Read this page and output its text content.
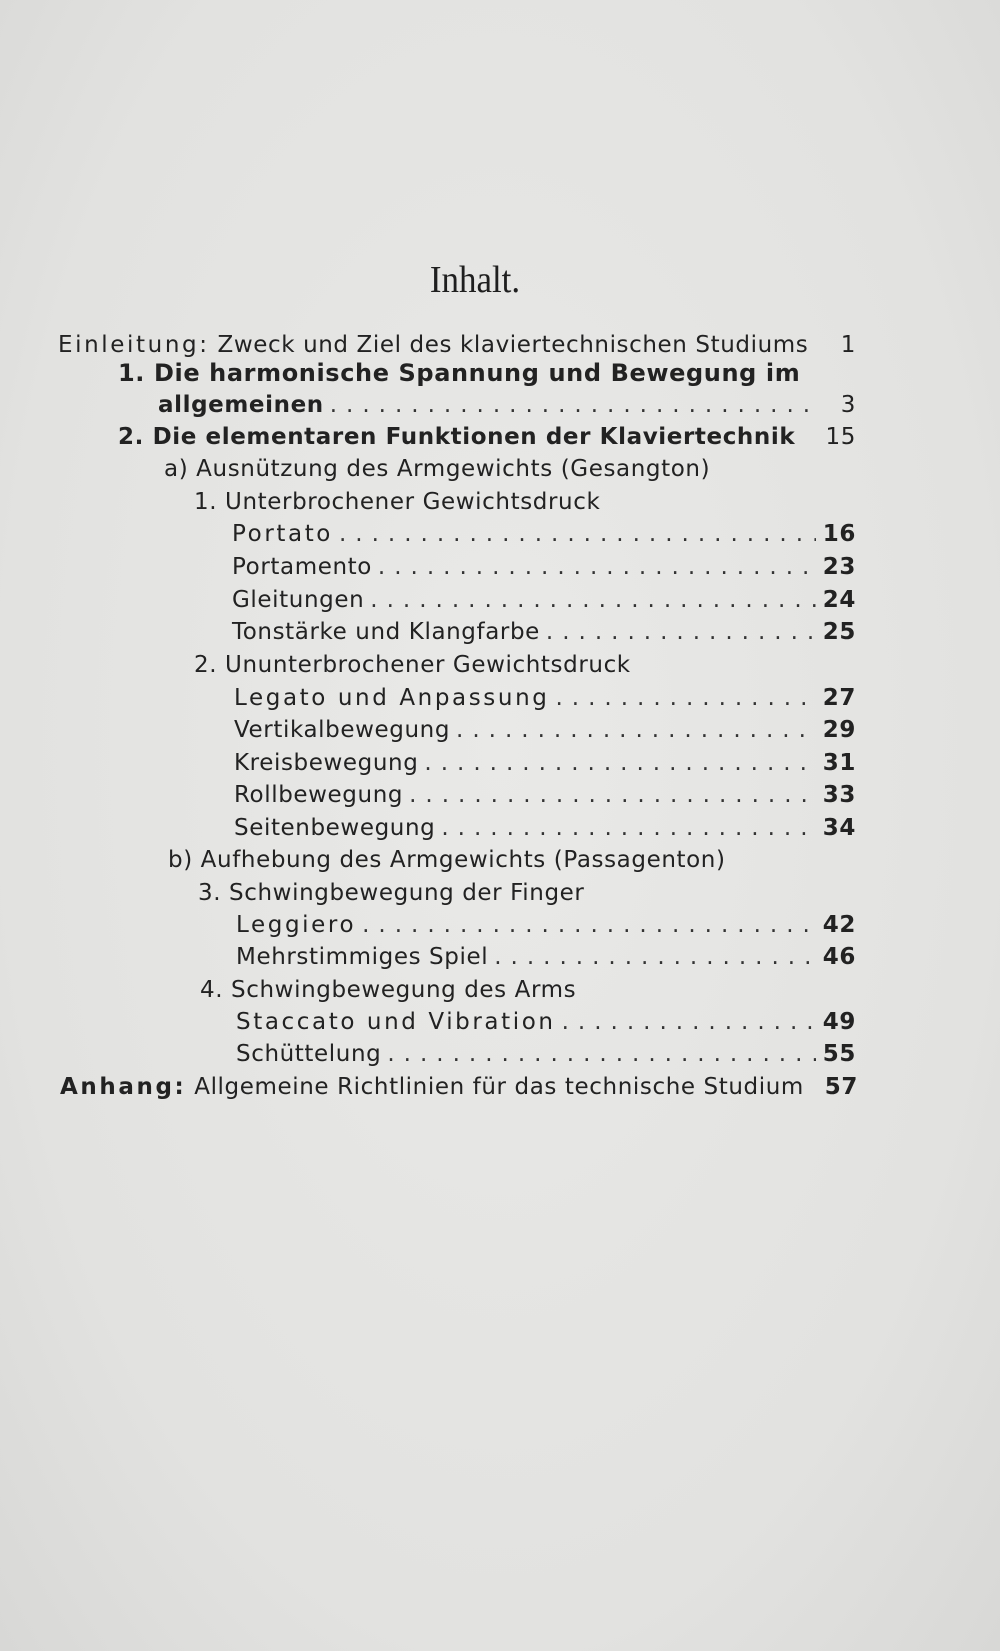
Inhalt.
Einleitung: Zweck und Ziel des klaviertechnischen Studiums 1
1. Die harmonische Spannung und Bewegung im
allgemeinen .....	3
2. Die elementaren Funktionen der Klaviertechnik 15
a) Ausnützung des Armgewichts (Gesangton)
1. Unterbrochener Gewichtsdruck
Portato .....	16
Portamento .....	23
Gleitungen .....	24
Tonstärke und Klangfarbe .....	25
2. Ununterbrochener Gewichtsdruck
Legato und Anpassung .....	27
Vertikalbewegung .....	29
Kreisbewegung .....	31
Rollbewegung .....	33
Seitenbewegung .....	34
b) Aufhebung des Armgewichts (Passagenton)
3. Schwingbewegung der Finger
Leggiero .....	42
Mehrstimmiges Spiel .....	46
4. Schwingbewegung des Arms
Staccato und Vibration .....	49
Schüttelung .....	55
Anhang: Allgemeine Richtlinien für das technische Studium 57
